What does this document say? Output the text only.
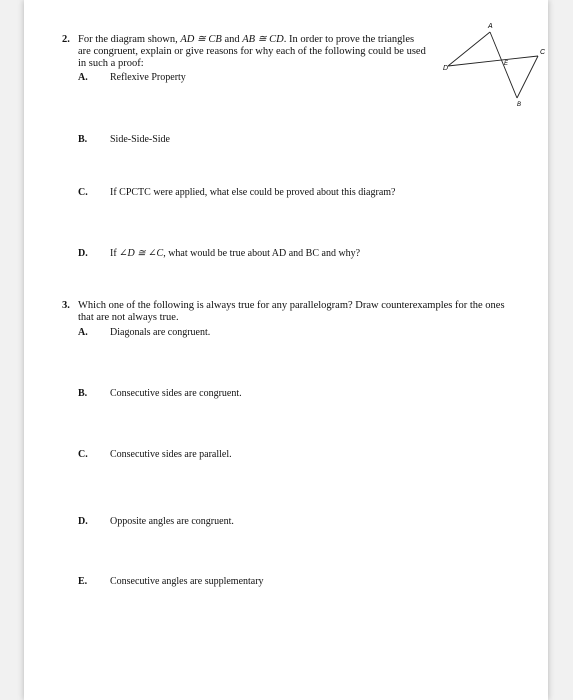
2. For the diagram shown, AD ≅ CB and AB ≅ CD. In order to prove the triangles
are congruent, explain or give reasons for why each of the following could be used
in such a proof:
A. Reflexive Property
B. Side-Side-Side
C. If CPCTC were applied, what else could be proved about this diagram?
D. If ∠D ≅ ∠C, what would be true about AD and BC and why?
A
C
D
E
B
3. Which one of the following is always true for any parallelogram? Draw counterexamples for the ones
that are not always true.
A. Diagonals are congruent.
B. Consecutive sides are congruent.
C. Consecutive sides are parallel.
D. Opposite angles are congruent.
E. Consecutive angles are supplementary
